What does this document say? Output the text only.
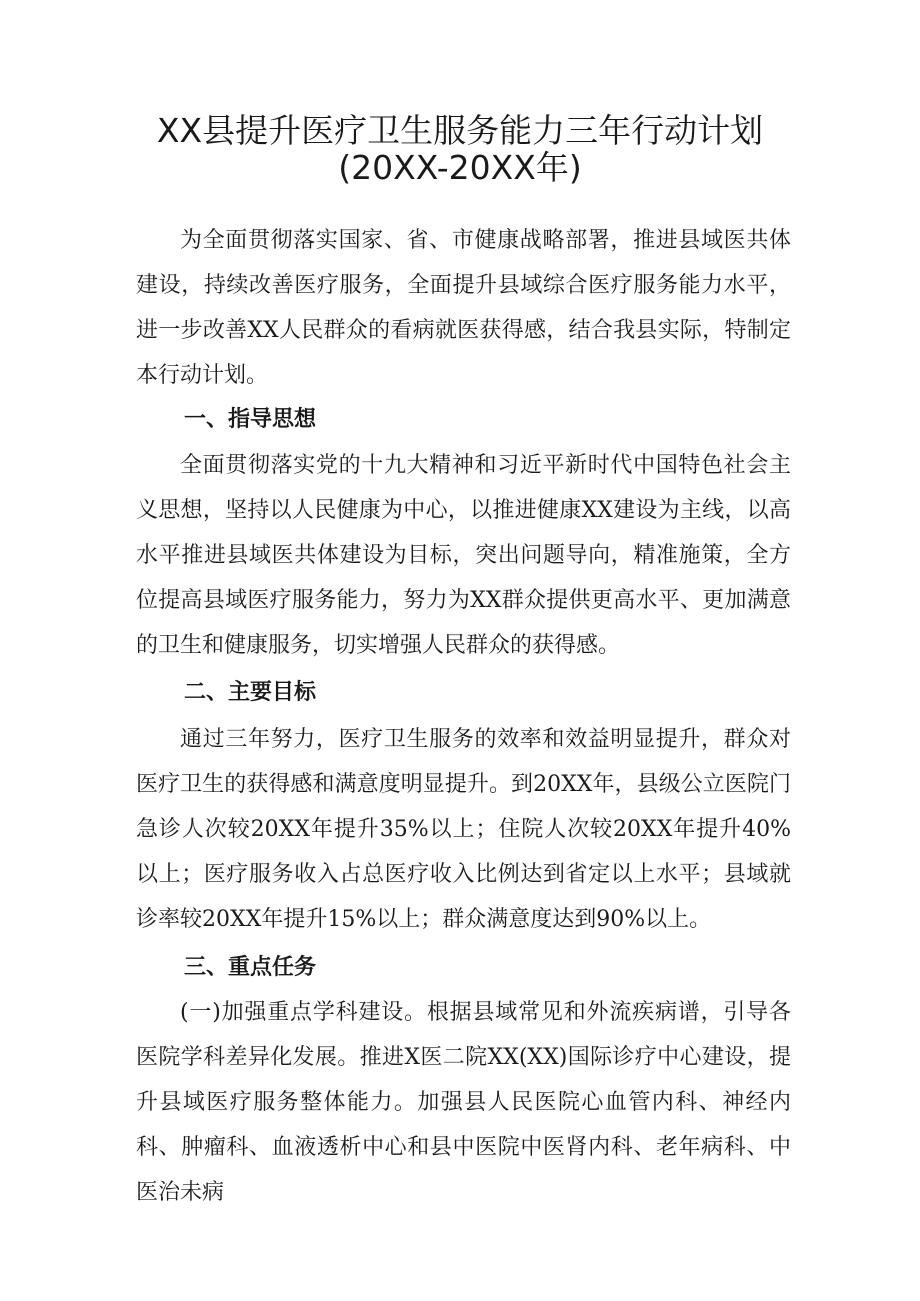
XX县提升医疗卫生服务能力三年行动计划
(20XX-20XX年)

为全面贯彻落实国家、省、市健康战略部署，推进县域医共体建设，持续改善医疗服务，全面提升县域综合医疗服务能力水平，进一步改善XX人民群众的看病就医获得感，结合我县实际，特制定本行动计划。

一、指导思想

全面贯彻落实党的十九大精神和习近平新时代中国特色社会主义思想，坚持以人民健康为中心，以推进健康XX建设为主线，以高水平推进县域医共体建设为目标，突出问题导向，精准施策，全方位提高县域医疗服务能力，努力为XX群众提供更高水平、更加满意的卫生和健康服务，切实增强人民群众的获得感。

二、主要目标

通过三年努力，医疗卫生服务的效率和效益明显提升，群众对医疗卫生的获得感和满意度明显提升。到20XX年，县级公立医院门急诊人次较20XX年提升35%以上；住院人次较20XX年提升40%以上；医疗服务收入占总医疗收入比例达到省定以上水平；县域就诊率较20XX年提升15%以上；群众满意度达到90%以上。

三、重点任务

(一)加强重点学科建设。根据县域常见和外流疾病谱，引导各医院学科差异化发展。推进X医二院XX(XX)国际诊疗中心建设，提升县域医疗服务整体能力。加强县人民医院心血管内科、神经内科、肿瘤科、血液透析中心和县中医院中医肾内科、老年病科、中医治未病
